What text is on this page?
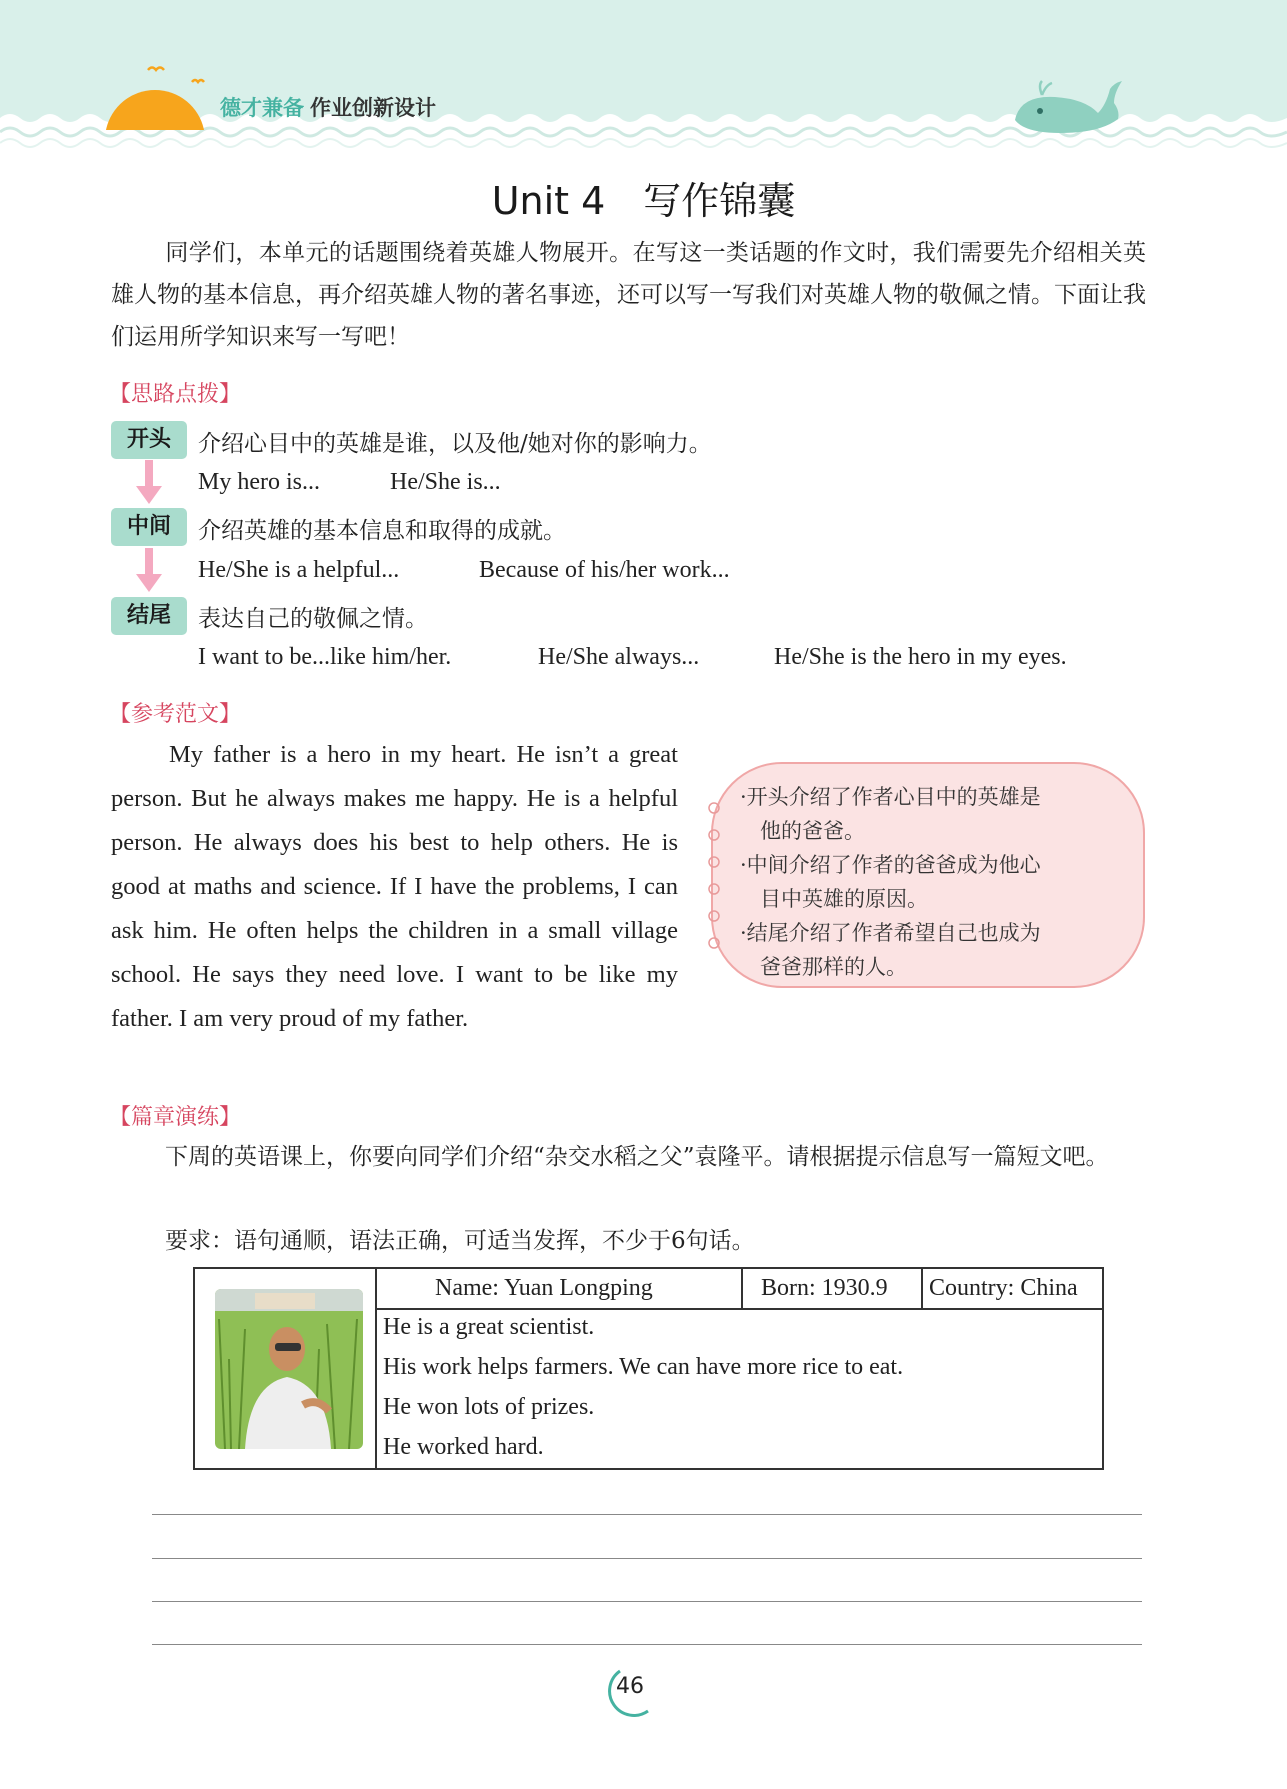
德才兼备 作业创新设计
Unit 4　写作锦囊
同学们，本单元的话题围绕着英雄人物展开。在写这一类话题的作文时，我们需要先介绍相关英雄人物的基本信息，再介绍英雄人物的著名事迹，还可以写一写我们对英雄人物的敬佩之情。下面让我们运用所学知识来写一写吧！
【思路点拨】
开头	介绍心目中的英雄是谁，以及他/她对你的影响力。
My hero is...	He/She is...
中间	介绍英雄的基本信息和取得的成就。
He/She is a helpful...	Because of his/her work...
结尾	表达自己的敬佩之情。
I want to be...like him/her.	He/She always...	He/She is the hero in my eyes.
【参考范文】

My father is a hero in my heart. He isn’t a great person. But he always makes me happy. He is a helpful person. He always does his best to help others. He is good at maths and science. If I have the problems, I can ask him. He often helps the children in a small village school. He says they need love. I want to be like my father. I am very proud of my father.

·开头介绍了作者心目中的英雄是
他的爸爸。
·中间介绍了作者的爸爸成为他心
目中英雄的原因。
·结尾介绍了作者希望自己也成为
爸爸那样的人。
【篇章演练】
下周的英语课上，你要向同学们介绍“杂交水稻之父”袁隆平。请根据提示信息写一篇短文吧。
要求：语句通顺，语法正确，可适当发挥，不少于6句话。
Name: Yuan Longping	Born: 1930.9 Country: China
He is a great scientist.
His work helps farmers. We can have more rice to eat.
He won lots of prizes.
He worked hard.
46
